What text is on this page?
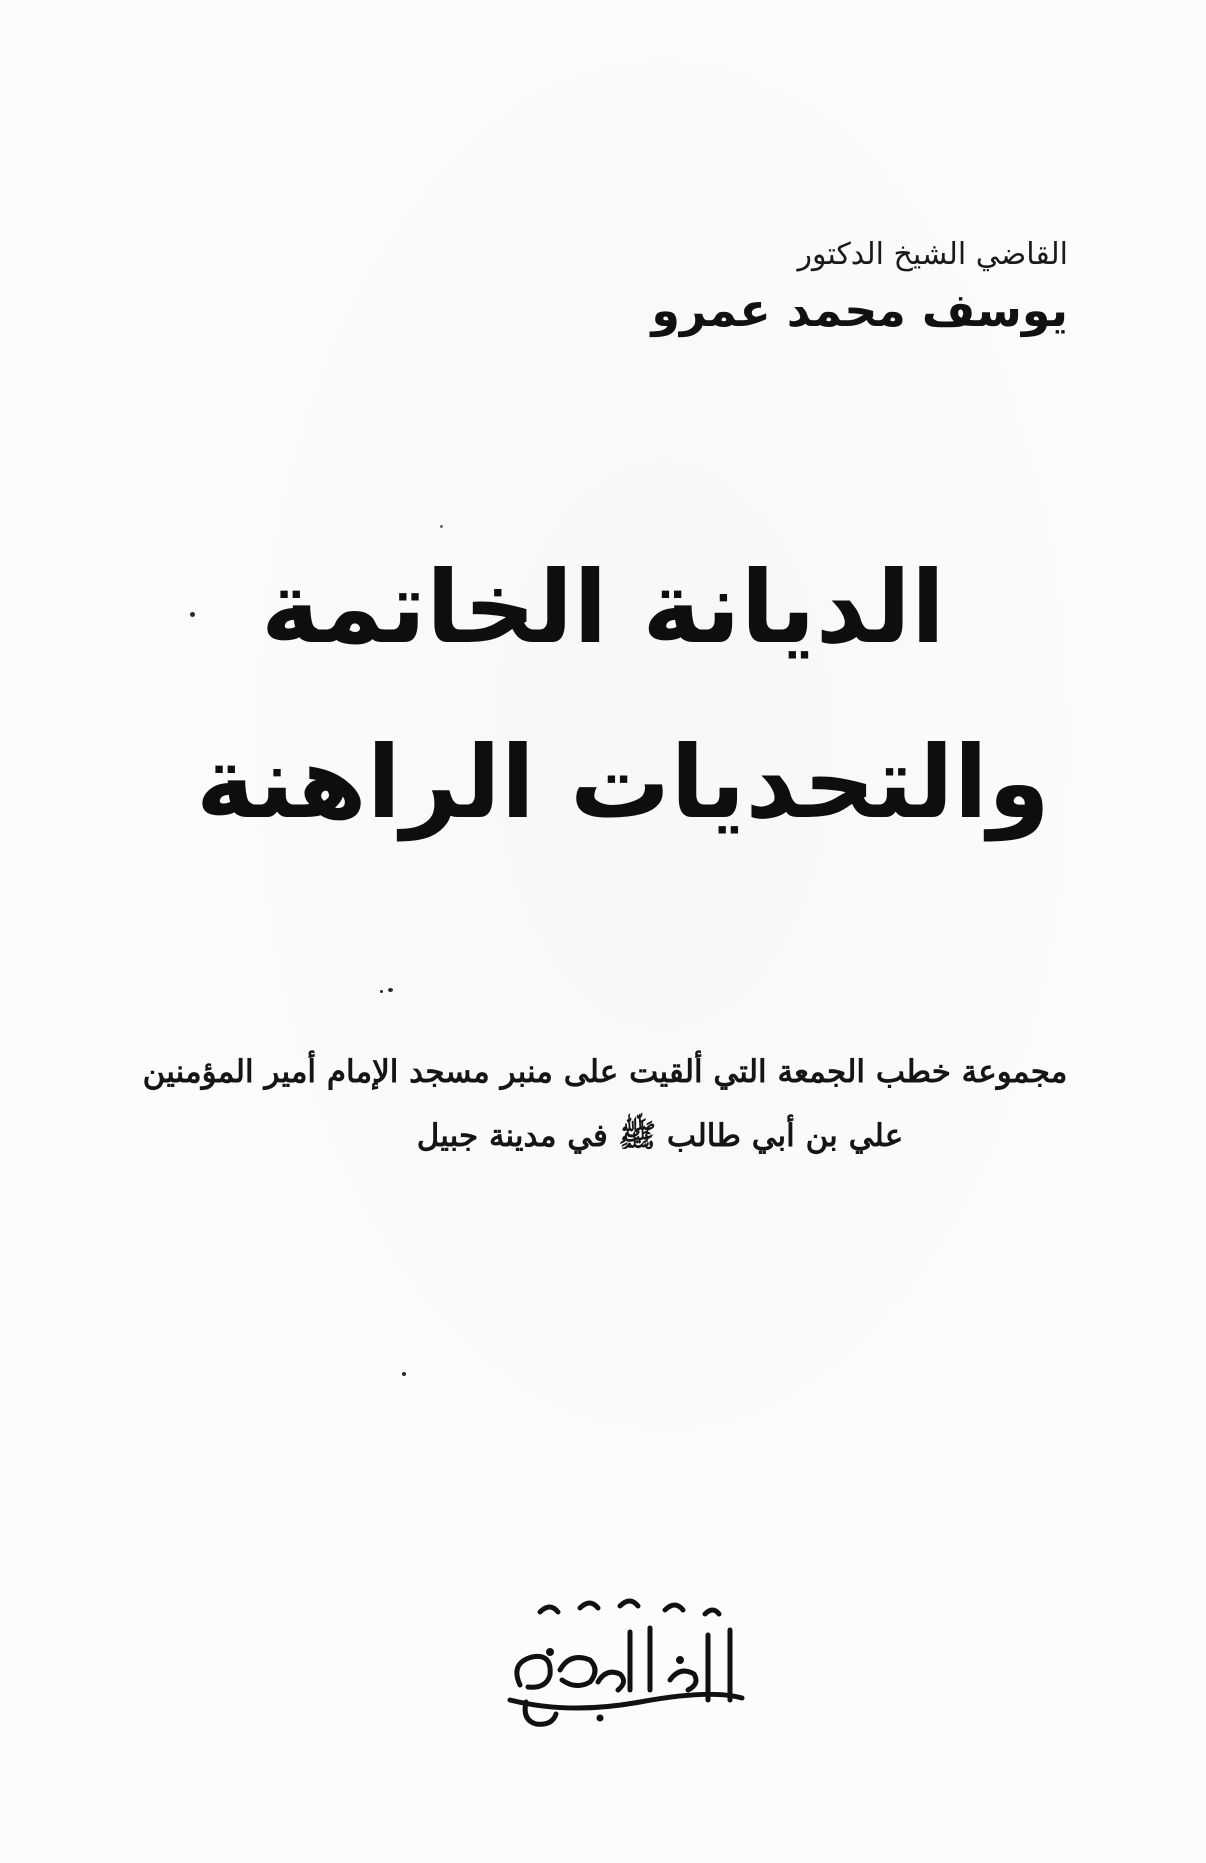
القاضي الشيخ الدكتور
يوسف محمد عمرو
الديانة الخاتمة
والتحديات الراهنة
مجموعة خطب الجمعة التي ألقيت على منبر مسجد الإمام أمير المؤمنين
علي بن أبي طالب ﷺ في مدينة جبيل
